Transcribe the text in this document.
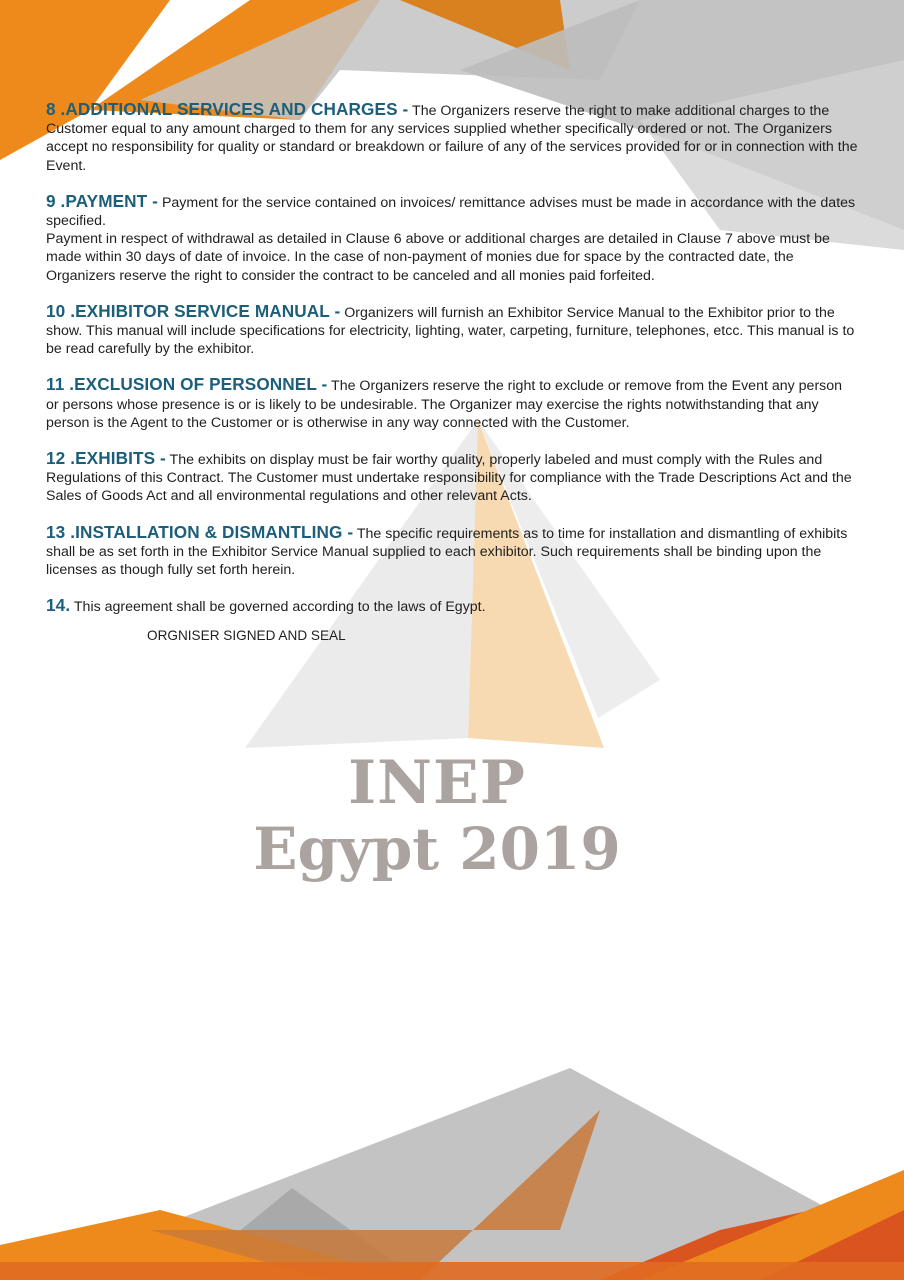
8 .ADDITIONAL SERVICES AND CHARGES - The Organizers reserve the right to make additional charges to the Customer equal to any amount charged to them for any services supplied whether specifically ordered or not. The Organizers accept no responsibility for quality or standard or breakdown or failure of any of the services provided for or in connection with the Event.

9 .PAYMENT - Payment for the service contained on invoices/ remittance advises must be made in accordance with the dates specified.
Payment in respect of withdrawal as detailed in Clause 6 above or additional charges are detailed in Clause 7 above must be made within 30 days of date of invoice. In the case of non-payment of monies due for space by the contracted date, the Organizers reserve the right to consider the contract to be canceled and all monies paid forfeited.

10 .EXHIBITOR SERVICE MANUAL - Organizers will furnish an Exhibitor Service Manual to the Exhibitor prior to the show. This manual will include specifications for electricity, lighting, water, carpeting, furniture, telephones, etcc. This manual is to be read carefully by the exhibitor.

11 .EXCLUSION OF PERSONNEL - The Organizers reserve the right to exclude or remove from the Event any person or persons whose presence is or is likely to be undesirable. The Organizer may exercise the rights notwithstanding that any person is the Agent to the Customer or is otherwise in any way connected with the Customer.

12 .EXHIBITS - The exhibits on display must be fair worthy quality, properly labeled and must comply with the Rules and Regulations of this Contract. The Customer must undertake responsibility for compliance with the Trade Descriptions Act and the Sales of Goods Act and all environmental regulations and other relevant Acts.

13 .INSTALLATION & DISMANTLING - The specific requirements as to time for installation and dismantling of exhibits shall be as set forth in the Exhibitor Service Manual supplied to each exhibitor. Such requirements shall be binding upon the licenses as though fully set forth herein.

14. This agreement shall be governed according to the laws of Egypt.

ORGNISER SIGNED AND SEAL
INEP
Egypt 2019
